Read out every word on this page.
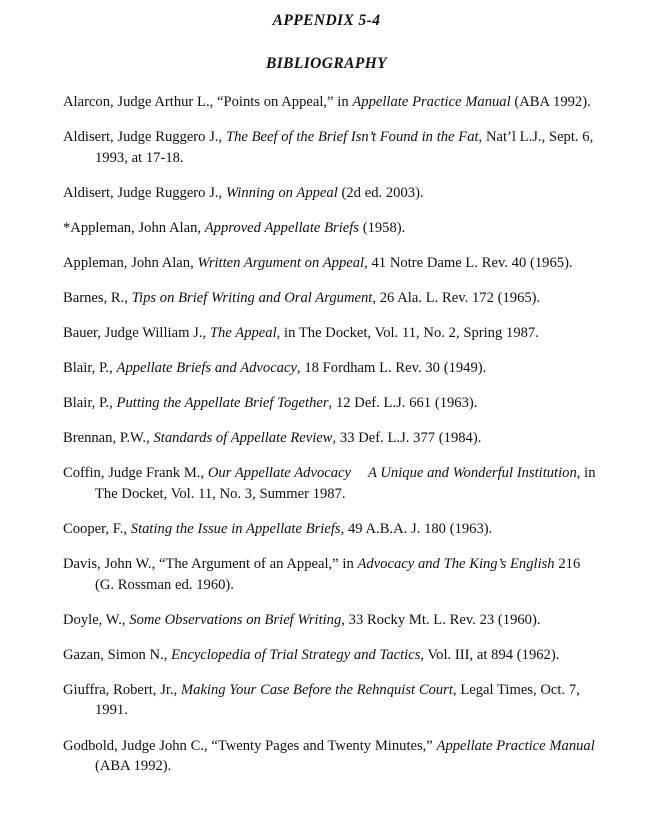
APPENDIX 5-4
BIBLIOGRAPHY

Alarcon, Judge Arthur L., “Points on Appeal,” in Appellate Practice Manual (ABA 1992).

Aldisert, Judge Ruggero J., The Beef of the Brief Isn’t Found in the Fat, Nat’l L.J., Sept. 6, 1993, at 17-18.

Aldisert, Judge Ruggero J., Winning on Appeal (2d ed. 2003).

*Appleman, John Alan, Approved Appellate Briefs (1958).

Appleman, John Alan, Written Argument on Appeal, 41 Notre Dame L. Rev. 40 (1965).

Barnes, R., Tips on Brief Writing and Oral Argument, 26 Ala. L. Rev. 172 (1965).

Bauer, Judge William J., The Appeal, in The Docket, Vol. 11, No. 2, Spring 1987.

Blair, P., Appellate Briefs and Advocacy, 18 Fordham L. Rev. 30 (1949).

Blair, P., Putting the Appellate Brief Together, 12 Def. L.J. 661 (1963).

Brennan, P.W., Standards of Appellate Review, 33 Def. L.J. 377 (1984).

Coffin, Judge Frank M., Our Appellate Advocacy A Unique and Wonderful Institution, in The Docket, Vol. 11, No. 3, Summer 1987.

Cooper, F., Stating the Issue in Appellate Briefs, 49 A.B.A. J. 180 (1963).

Davis, John W., “The Argument of an Appeal,” in Advocacy and The King’s English 216 (G. Rossman ed. 1960).

Doyle, W., Some Observations on Brief Writing, 33 Rocky Mt. L. Rev. 23 (1960).

Gazan, Simon N., Encyclopedia of Trial Strategy and Tactics, Vol. III, at 894 (1962).

Giuffra, Robert, Jr., Making Your Case Before the Rehnquist Court, Legal Times, Oct. 7, 1991.

Godbold, Judge John C., “Twenty Pages and Twenty Minutes,” Appellate Practice Manual (ABA 1992).
